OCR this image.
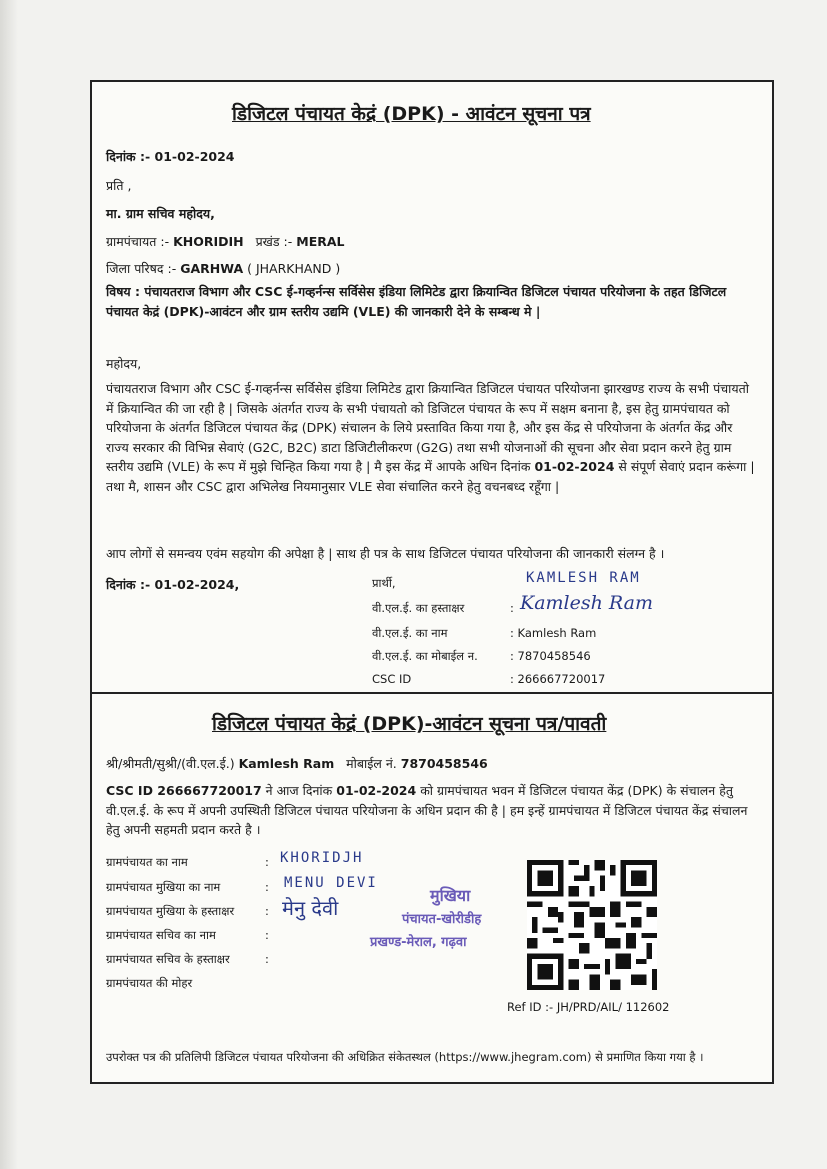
डिजिटल पंचायत केद्रं (DPK) - आवंटन सूचना पत्र
दिनांक :- 01-02-2024
प्रति ,
मा. ग्राम सचिव महोदय,
ग्रामपंचायत :- KHORIDIH प्रखंड :- MERAL
जिला परिषद :- GARHWA ( JHARKHAND )
विषय : पंचायतराज विभाग और CSC ई-गव्हर्नन्स सर्विसेस इंडिया लिमिटेड द्वारा क्रियान्वित डिजिटल पंचायत परियोजना के तहत डिजिटल पंचायत केद्रं (DPK)-आवंटन और ग्राम स्तरीय उद्यमि (VLE) की जानकारी देने के सम्बन्ध मे |
महोदय,
पंचायतराज विभाग और CSC ई-गव्हर्नन्स सर्विसेस इंडिया लिमिटेड द्वारा क्रियान्वित डिजिटल पंचायत परियोजना झारखण्ड राज्य के सभी पंचायतो में क्रियान्वित की जा रही है | जिसके अंतर्गत राज्य के सभी पंचायतो को डिजिटल पंचायत के रूप में सक्षम बनाना है, इस हेतु ग्रामपंचायत को परियोजना के अंतर्गत डिजिटल पंचायत केंद्र (DPK) संचालन के लिये प्रस्तावित किया गया है, और इस केंद्र से परियोजना के अंतर्गत केंद्र और राज्य सरकार की विभिन्न सेवाएं (G2C, B2C) डाटा डिजिटीलीकरण (G2G) तथा सभी योजनाओं की सूचना और सेवा प्रदान करने हेतु ग्राम स्तरीय उद्यमि (VLE) के रूप में मुझे चिन्हित किया गया है | मै इस केंद्र में आपके अधिन दिनांक 01-02-2024 से संपूर्ण सेवाएं प्रदान करूंगा | तथा मै, शासन और CSC द्वारा अभिलेख नियमानुसार VLE सेवा संचालित करने हेतु वचनबध्द रहूँगा |
आप लोगों से समन्वय एवंम सहयोग की अपेक्षा है | साथ ही पत्र के साथ डिजिटल पंचायत परियोजना की जानकारी संलग्न है ।
दिनांक :- 01-02-2024,	प्रार्थी,	KAMLESH RAM
वी.एल.ई. का हस्ताक्षर	: Kamlesh Ram
वी.एल.ई. का नाम	: Kamlesh Ram
वी.एल.ई. का मोबाईल न.	: 7870458546
CSC ID	: 266667720017
डिजिटल पंचायत केद्रं (DPK)-आवंटन सूचना पत्र/पावती
श्री/श्रीमती/सुश्री/(वी.एल.ई.) Kamlesh Ram मोबाईल नं. 7870458546
CSC ID 266667720017 ने आज दिनांक 01-02-2024 को ग्रामपंचायत भवन में डिजिटल पंचायत केंद्र (DPK) के संचालन हेतु वी.एल.ई. के रूप में अपनी उपस्थिती डिजिटल पंचायत परियोजना के अधिन प्रदान की है | हम इन्हें ग्रामपंचायत में डिजिटल पंचायत केंद्र संचालन हेतु अपनी सहमती प्रदान करते है ।
ग्रामपंचायत का नाम	: KHORIDJH
ग्रामपंचायत मुखिया का नाम	: MENU DEVI
ग्रामपंचायत मुखिया के हस्ताक्षर	: मेनु देवी
ग्रामपंचायत सचिव का नाम	:
ग्रामपंचायत सचिव के हस्ताक्षर	:
ग्रामपंचायत की मोहर
मुखिया
पंचायत-खोरीडीह
प्रखण्ड-मेराल, गढ़वा
Ref ID :- JH/PRD/AIL/ 112602
उपरोक्त पत्र की प्रतिलिपी डिजिटल पंचायत परियोजना की अधिक्रित संकेतस्थल (https://www.jhegram.com) से प्रमाणित किया गया है ।
